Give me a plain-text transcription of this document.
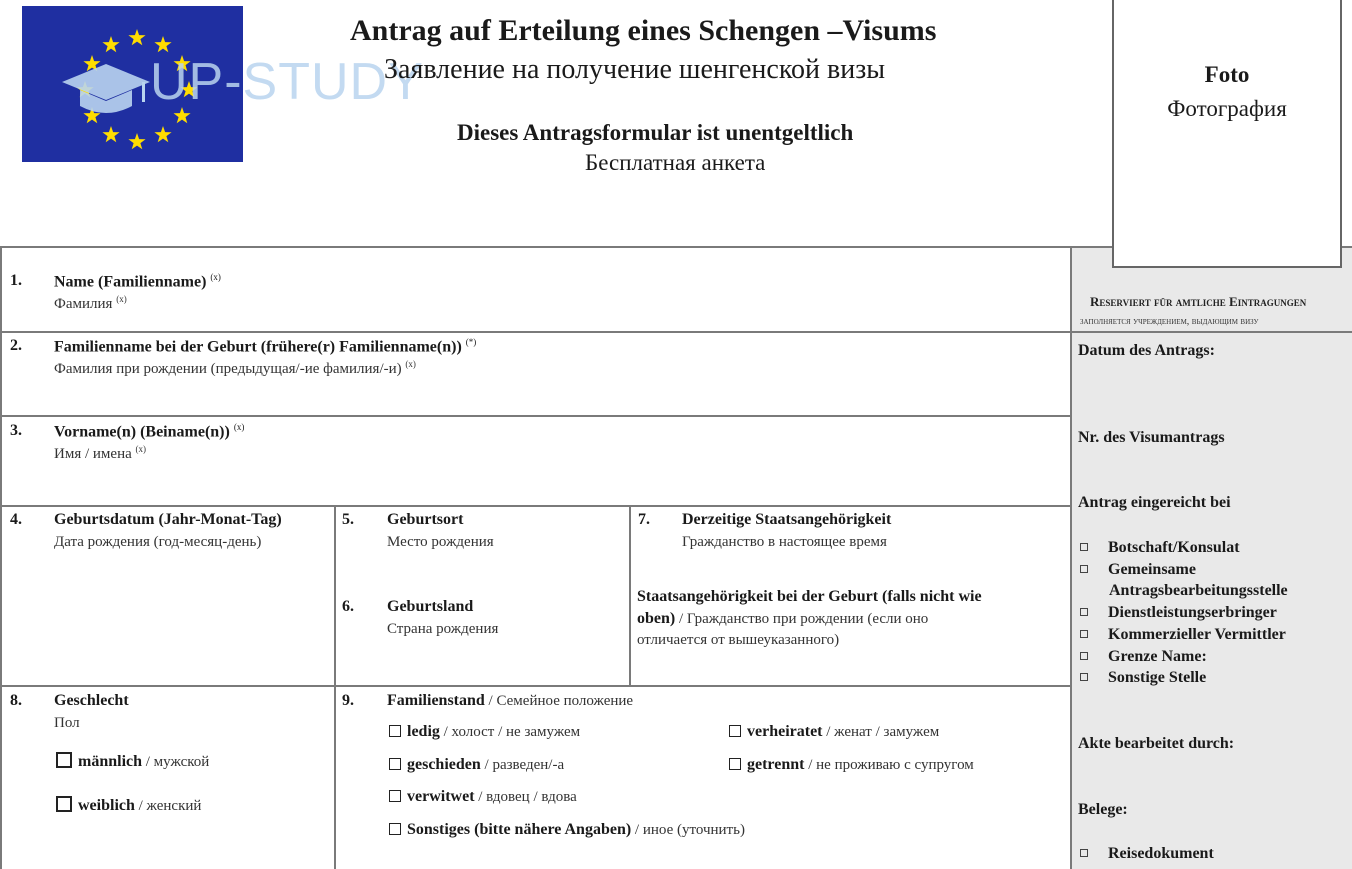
UP-STUDY
Antrag auf Erteilung eines Schengen –Visums
Заявление на получение шенгенской визы
Dieses Antragsformular ist unentgeltlich
Бесплатная анкета
Foto
Фотография
1. Name (Familienname) $^{(x)}$
Фамилия $^{(x)}$
2. Familienname bei der Geburt (frühere(r) Familienname(n)) (*)
Фамилия при рождении (предыдущая/-ие фамилия/-и) $^{(x)}$
3. Vorname(n) (Beiname(n)) $^{(x)}$
Имя / имена $^{(x)}$
4. Geburtsdatum (Jahr-Monat-Tag)
Дата рождения (год-месяц-день)
5. Geburtsort
Место рождения
6. Geburtsland
Страна рождения
7. Derzeitige Staatsangehörigkeit
Гражданство в настоящее время
Staatsangehörigkeit bei der Geburt (falls nicht wie
oben) / Гражданство при рождении (если оно
отличается от вышеуказанного)
8. Geschlecht
Пол
männlich / мужской
weiblich / женский
9. Familienstand / Семейное положение
ledig / холост / не замужем	verheiratet / женат / замужем
geschieden / разведен/-а	getrennt / не проживаю с супругом
verwitwet / вдовец / вдова
Sonstiges (bitte nähere Angaben) / иное (уточнить)
Reserviert für amtliche Eintragungen
заполняется учреждением, выдающим визу
Datum des Antrags:
Nr. des Visumantrags
Antrag eingereicht bei
Botschaft/Konsulat
Gemeinsame
Antragsbearbeitungsstelle
Dienstleistungserbringer
Kommerzieller Vermittler
Grenze Name:
Sonstige Stelle
Akte bearbeitet durch:
Belege:
Reisedokument
